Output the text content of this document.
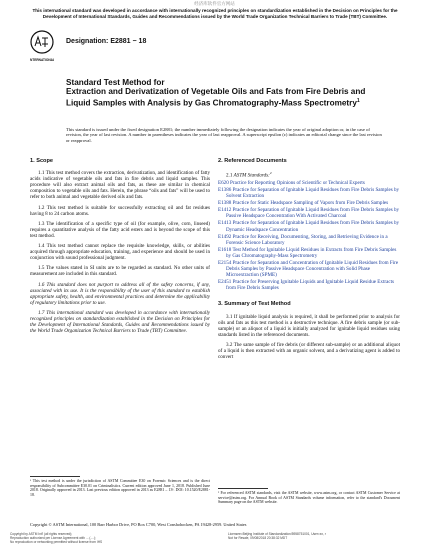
经济库软件官方网站
This international standard was developed in accordance with internationally recognized principles on standardization established in the Decision on Principles for the Development of International Standards, Guides and Recommendations issued by the World Trade Organization Technical Barriers to Trade (TBT) Committee.
INTERNATIONAL
Designation: E2881 − 18
Standard Test Method for
Extraction and Derivatization of Vegetable Oils and Fats from Fire Debris and Liquid Samples with Analysis by Gas Chromatography-Mass Spectrometry$^1$
This standard is issued under the fixed designation E2881; the number immediately following the designation indicates the year of original adoption or, in the case of revision, the year of last revision. A number in parentheses indicates the year of last reapproval. A superscript epsilon (ε) indicates an editorial change since the last revision or reapproval.
1. Scope
1.1 This test method covers the extraction, derivatization, and identification of fatty acids indicative of vegetable oils and fats in fire debris and liquid samples. This procedure will also extract animal oils and fats, as these are similar in chemical composition to vegetable oils and fats. Herein, the phrase “oils and fats” will be used to refer to both animal and vegetable derived oils and fats.
1.2 This test method is suitable for successfully extracting oil and fat residues having 8 to 24 carbon atoms.
1.3 The identification of a specific type of oil (for example, olive, corn, linseed) requires a quantitative analysis of the fatty acid esters and is beyond the scope of this test method.
1.4 This test method cannot replace the requisite knowledge, skills, or abilities acquired through appropriate education, training, and experience and should be used in conjunction with sound professional judgment.
1.5 The values stated in SI units are to be regarded as standard. No other units of measurement are included in this standard.
1.6 This standard does not purport to address all of the safety concerns, if any, associated with its use. It is the responsibility of the user of this standard to establish appropriate safety, health, and environmental practices and determine the applicability of regulatory limitations prior to use.
1.7 This international standard was developed in accordance with internationally recognized principles on standardization established in the Decision on Principles for the Development of International Standards, Guides and Recommendations issued by the World Trade Organization Technical Barriers to Trade (TBT) Committee.
2. Referenced Documents
2.1 ASTM Standards:$^2$
E620 Practice for Reporting Opinions of Scientific or Technical Experts
E1386 Practice for Separation of Ignitable Liquid Residues from Fire Debris Samples by Solvent Extraction
E1388 Practice for Static Headspace Sampling of Vapors from Fire Debris Samples
E1412 Practice for Separation of Ignitable Liquid Residues from Fire Debris Samples by Passive Headspace Concentration With Activated Charcoal
E1413 Practice for Separation of Ignitable Liquid Residues from Fire Debris Samples by Dynamic Headspace Concentration
E1492 Practice for Receiving, Documenting, Storing, and Retrieving Evidence in a Forensic Science Laboratory
E1618 Test Method for Ignitable Liquid Residues in Extracts from Fire Debris Samples by Gas Chromatography-Mass Spectrometry
E2154 Practice for Separation and Concentration of Ignitable Liquid Residues from Fire Debris Samples by Passive Headspace Concentration with Solid Phase Microextraction (SPME)
E2451 Practice for Preserving Ignitable Liquids and Ignitable Liquid Residue Extracts from Fire Debris Samples
3. Summary of Test Method
3.1 If ignitable liquid analysis is required, it shall be performed prior to analysis for oils and fats as this test method is a destructive technique. A fire debris sample (or sub-sample) or an aliquot of a liquid is initially analyzed for ignitable liquid residues using standards listed in the referenced documents.
3.2 The same sample of fire debris (or different sub-sample) or an additional aliquot of a liquid is then extracted with an organic solvent, and a derivatizing agent is added to convert
¹ This test method is under the jurisdiction of ASTM Committee E30 on Forensic Sciences and is the direct responsibility of Subcommittee E30.01 on Criminalistics. Current edition approved June 1, 2018. Published June 2018. Originally approved in 2013. Last previous edition approved in 2013 as E2881 – 13¹. DOI: 10.1520/E2881-18.	² For referenced ASTM standards, visit the ASTM website, www.astm.org, or contact ASTM Customer Service at service@astm.org. For Annual Book of ASTM Standards volume information, refer to the standard's Document Summary page on the ASTM website.
Copyright © ASTM International, 100 Barr Harbor Drive, PO Box C700, West Conshohocken, PA 19428-2959. United States
Copyright by ASTM Int'l (all rights reserved);
Reproduction authorized per License Agreement with ... (....);
No reproduction or networking permitted without license from IHS
Licensee=Beijing Institute of Standardization/5958751001, User=xx, r
Not for Resale, 09/08/2018 20:38:32 MDT
